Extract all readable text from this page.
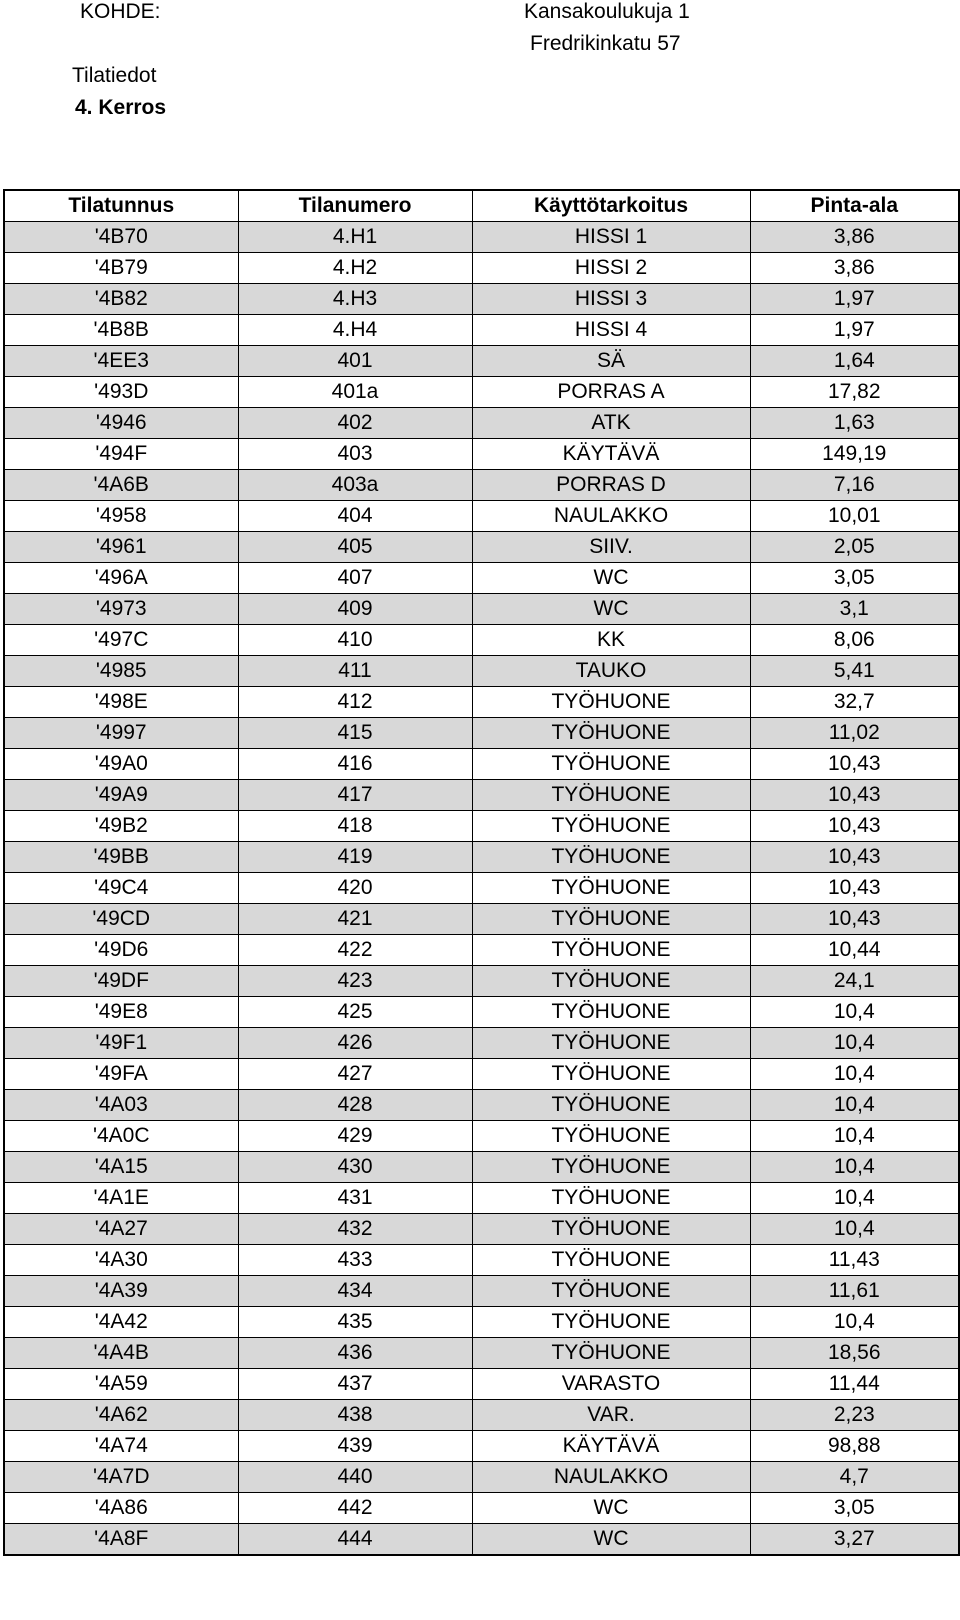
KOHDE:	Kansakoulukuja 1
Fredrikinkatu 57
Tilatiedot
4. Kerros
Tilatunnus	Tilanumero	Käyttötarkoitus	Pinta-ala
'4B70	4.H1	HISSI 1	3,86
'4B79	4.H2	HISSI 2	3,86
'4B82	4.H3	HISSI 3	1,97
'4B8B	4.H4	HISSI 4	1,97
'4EE3	401	SÄ	1,64
'493D	401a	PORRAS A	17,82
'4946	402	ATK	1,63
'494F	403	KÄYTÄVÄ	149,19
'4A6B	403a	PORRAS D	7,16
'4958	404	NAULAKKO	10,01
'4961	405	SIIV.	2,05
'496A	407	WC	3,05
'4973	409	WC	3,1
'497C	410	KK	8,06
'4985	411	TAUKO	5,41
'498E	412	TYÖHUONE	32,7
'4997	415	TYÖHUONE	11,02
'49A0	416	TYÖHUONE	10,43
'49A9	417	TYÖHUONE	10,43
'49B2	418	TYÖHUONE	10,43
'49BB	419	TYÖHUONE	10,43
'49C4	420	TYÖHUONE	10,43
'49CD	421	TYÖHUONE	10,43
'49D6	422	TYÖHUONE	10,44
'49DF	423	TYÖHUONE	24,1
'49E8	425	TYÖHUONE	10,4
'49F1	426	TYÖHUONE	10,4
'49FA	427	TYÖHUONE	10,4
'4A03	428	TYÖHUONE	10,4
'4A0C	429	TYÖHUONE	10,4
'4A15	430	TYÖHUONE	10,4
'4A1E	431	TYÖHUONE	10,4
'4A27	432	TYÖHUONE	10,4
'4A30	433	TYÖHUONE	11,43
'4A39	434	TYÖHUONE	11,61
'4A42	435	TYÖHUONE	10,4
'4A4B	436	TYÖHUONE	18,56
'4A59	437	VARASTO	11,44
'4A62	438	VAR.	2,23
'4A74	439	KÄYTÄVÄ	98,88
'4A7D	440	NAULAKKO	4,7
'4A86	442	WC	3,05
'4A8F	444	WC	3,27
